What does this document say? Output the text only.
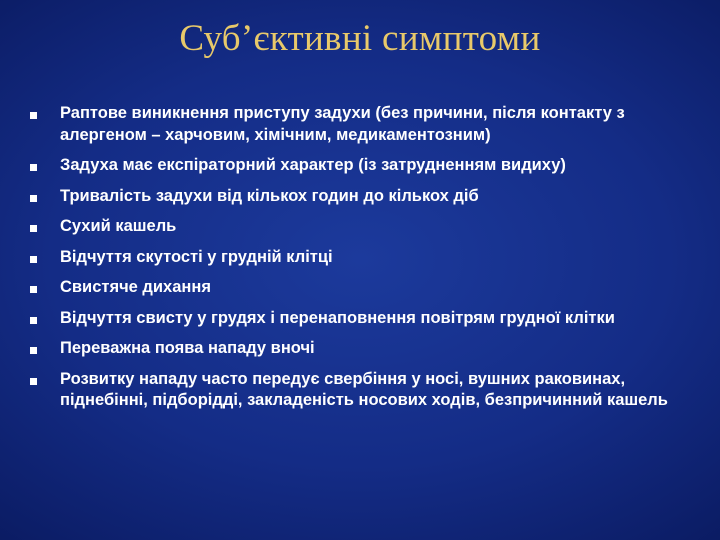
Суб’єктивні симптоми
Раптове виникнення приступу задухи (без причини, після контакту з алергеном – харчовим, хімічним, медикаментозним)
Задуха має експіраторний характер (із затрудненням видиху)
Тривалість задухи від кількох годин до кількох діб
Сухий кашель
Відчуття скутості у грудній клітці
Свистяче дихання
Відчуття свисту у грудях і перенаповнення повітрям грудної клітки
Переважна поява нападу вночі
Розвитку нападу часто передує свербіння у носі, вушних раковинах, піднебінні, підборідді, закладеність носових ходів, безпричинний кашель
